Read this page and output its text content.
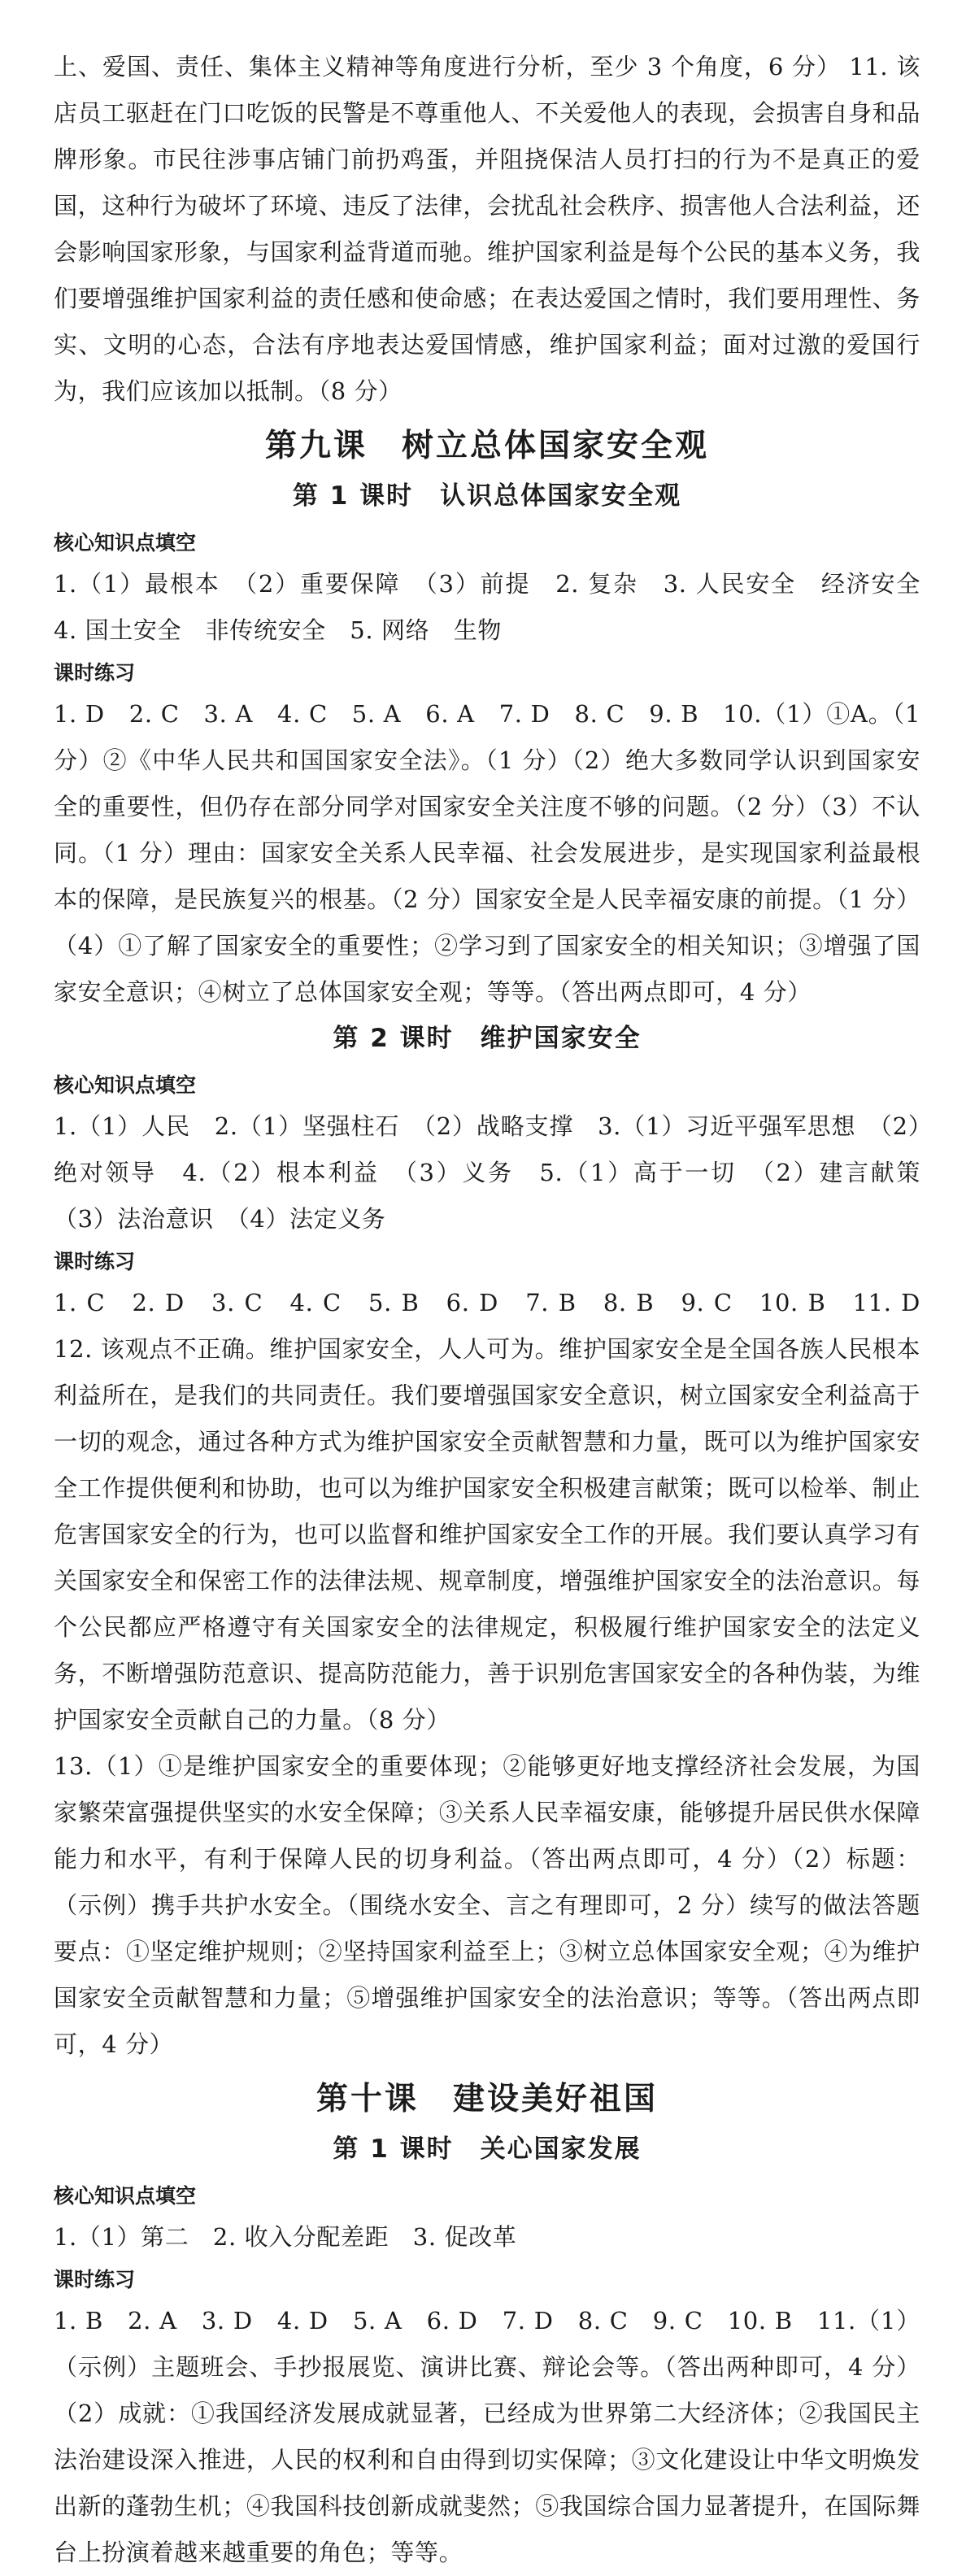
上、爱国、责任、集体主义精神等角度进行分析，至少 3 个角度，6 分） 11. 该店员工驱赶在门口吃饭的民警是不尊重他人、不关爱他人的表现，会损害自身和品牌形象。市民往涉事店铺门前扔鸡蛋，并阻挠保洁人员打扫的行为不是真正的爱国，这种行为破坏了环境、违反了法律，会扰乱社会秩序、损害他人合法利益，还会影响国家形象，与国家利益背道而驰。维护国家利益是每个公民的基本义务，我们要增强维护国家利益的责任感和使命感；在表达爱国之情时，我们要用理性、务实、文明的心态，合法有序地表达爱国情感，维护国家利益；面对过激的爱国行为，我们应该加以抵制。（8 分）
第九课　树立总体国家安全观
第 1 课时　认识总体国家安全观
核心知识点填空
1.（1）最根本　（2）重要保障　（3）前提　2. 复杂　3. 人民安全　经济安全　4. 国土安全　非传统安全　5. 网络　生物
课时练习
1. D　2. C　3. A　4. C　5. A　6. A　7. D　8. C　9. B　10.（1）①A。（1 分）②《中华人民共和国国家安全法》。（1 分）（2）绝大多数同学认识到国家安全的重要性，但仍存在部分同学对国家安全关注度不够的问题。（2 分）（3）不认同。（1 分）理由：国家安全关系人民幸福、社会发展进步，是实现国家利益最根本的保障，是民族复兴的根基。（2 分）国家安全是人民幸福安康的前提。（1 分）（4）①了解了国家安全的重要性；②学习到了国家安全的相关知识；③增强了国家安全意识；④树立了总体国家安全观；等等。（答出两点即可，4 分）
第 2 课时　维护国家安全
核心知识点填空
1.（1）人民　2.（1）坚强柱石　（2）战略支撑　3.（1）习近平强军思想　（2）绝对领导　4.（2）根本利益　（3）义务　5.（1）高于一切　（2）建言献策　（3）法治意识　（4）法定义务
课时练习
1. C　2. D　3. C　4. C　5. B　6. D　7. B　8. B　9. C　10. B　11. D　12. 该观点不正确。维护国家安全，人人可为。维护国家安全是全国各族人民根本利益所在，是我们的共同责任。我们要增强国家安全意识，树立国家安全利益高于一切的观念，通过各种方式为维护国家安全贡献智慧和力量，既可以为维护国家安全工作提供便利和协助，也可以为维护国家安全积极建言献策；既可以检举、制止危害国家安全的行为，也可以监督和维护国家安全工作的开展。我们要认真学习有关国家安全和保密工作的法律法规、规章制度，增强维护国家安全的法治意识。每个公民都应严格遵守有关国家安全的法律规定，积极履行维护国家安全的法定义务，不断增强防范意识、提高防范能力，善于识别危害国家安全的各种伪装，为维护国家安全贡献自己的力量。（8 分）
13.（1）①是维护国家安全的重要体现；②能够更好地支撑经济社会发展，为国家繁荣富强提供坚实的水安全保障；③关系人民幸福安康，能够提升居民供水保障能力和水平，有利于保障人民的切身利益。（答出两点即可，4 分）（2）标题：（示例）携手共护水安全。（围绕水安全、言之有理即可，2 分）续写的做法答题要点：①坚定维护规则；②坚持国家利益至上；③树立总体国家安全观；④为维护国家安全贡献智慧和力量；⑤增强维护国家安全的法治意识；等等。（答出两点即可，4 分）
第十课　建设美好祖国
第 1 课时　关心国家发展
核心知识点填空
1.（1）第二　2. 收入分配差距　3. 促改革
课时练习
1. B　2. A　3. D　4. D　5. A　6. D　7. D　8. C　9. C　10. B　11.（1）（示例）主题班会、手抄报展览、演讲比赛、辩论会等。（答出两种即可，4 分）（2）成就：①我国经济发展成就显著，已经成为世界第二大经济体；②我国民主法治建设深入推进，人民的权利和自由得到切实保障；③文化建设让中华文明焕发出新的蓬勃生机；④我国科技创新成就斐然；⑤我国综合国力显著提升，在国际舞台上扮演着越来越重要的角色；等等。
